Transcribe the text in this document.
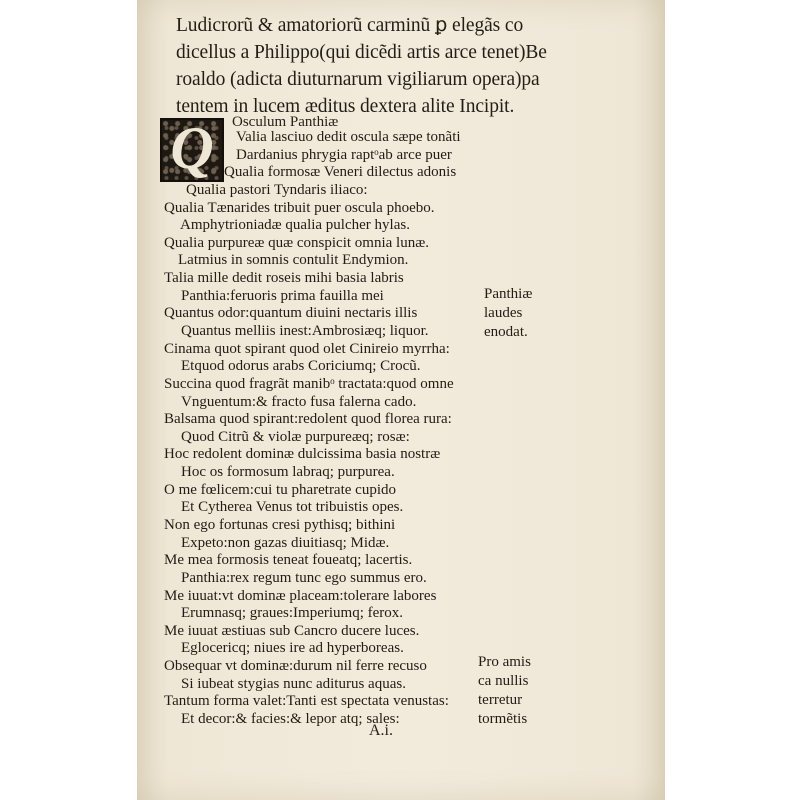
Ludicrorũ & amatoriorũ carminũ ꝑ elegãs co
dicellus a Philippo(qui dicẽdi artis arce tenet)Be
roaldo (adicta diuturnarum vigiliarum opera)pa
tentem in lucem æditus dextera alite Incipit.
Osculum Panthiæ
Q	Valia lasciuo dedit oscula sæpe tonãti
Dardanius phrygia raptᵒab arce puer
Qualia formosæ Veneri dilectus adonis
Qualia pastori Tyndaris iliaco:
Qualia Tænarides tribuit puer oscula phoebo.
Amphytrioniadæ qualia pulcher hylas.
Qualia purpureæ quæ conspicit omnia lunæ.
Latmius in somnis contulit Endymion.
Talia mille dedit roseis mihi basia labris
Panthia:feruoris prima fauilla mei
Quantus odor:quantum diuini nectaris illis
Quantus melliis inest:Ambrosiæq; liquor.
Cinama quot spirant quod olet Cinireio myrrha:
Etquod odorus arabs Coriciumq; Crocũ.
Succina quod fragrãt manibᵒ tractata:quod omne
Vnguentum:& fracto fusa falerna cado.
Balsama quod spirant:redolent quod florea rura:
Quod Citrũ & violæ purpureæq; rosæ:
Hoc redolent dominæ dulcissima basia nostræ
Hoc os formosum labraq; purpurea.
O me fœlicem:cui tu pharetrate cupido
Et Cytherea Venus tot tribuistis opes.
Non ego fortunas cresi pythisq; bithini
Expeto:non gazas diuitiasq; Midæ.
Me mea formosis teneat foueatq; lacertis.
Panthia:rex regum tunc ego summus ero.
Me iuuat:vt dominæ placeam:tolerare labores
Erumnasq; graues:Imperiumq; ferox.
Me iuuat æstiuas sub Cancro ducere luces.
Eglocericq; niues ire ad hyperboreas.
Obsequar vt dominæ:durum nil ferre recuso
Si iubeat stygias nunc aditurus aquas.
Tantum forma valet:Tanti est spectata venustas:
Et decor:& facies:& lepor atq; sales:
Panthiæ
laudes
enodat.
Pro amis
ca nullis
terretur
tormẽtis
A.i.
